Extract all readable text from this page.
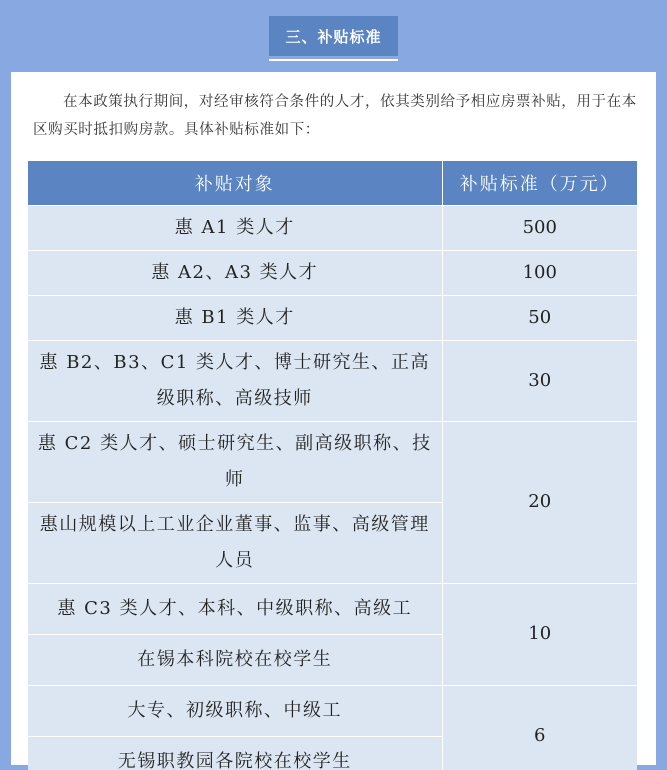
三、补贴标准

在本政策执行期间，对经审核符合条件的人才，依其类别给予相应房票补贴，用于在本区购买时抵扣购房款。具体补贴标准如下：

补贴对象	补贴标准（万元）
惠 A1 类人才	500
惠 A2、A3 类人才	100
惠 B1 类人才	50
惠 B2、B3、C1 类人才、博士研究生、正高级职称、高级技师	30
惠 C2 类人才、硕士研究生、副高级职称、技师	20
惠山规模以上工业企业董事、监事、高级管理人员	
惠 C3 类人才、本科、中级职称、高级工	10
在锡本科院校在校学生	
大专、初级职称、中级工	6
无锡职教园各院校在校学生	
